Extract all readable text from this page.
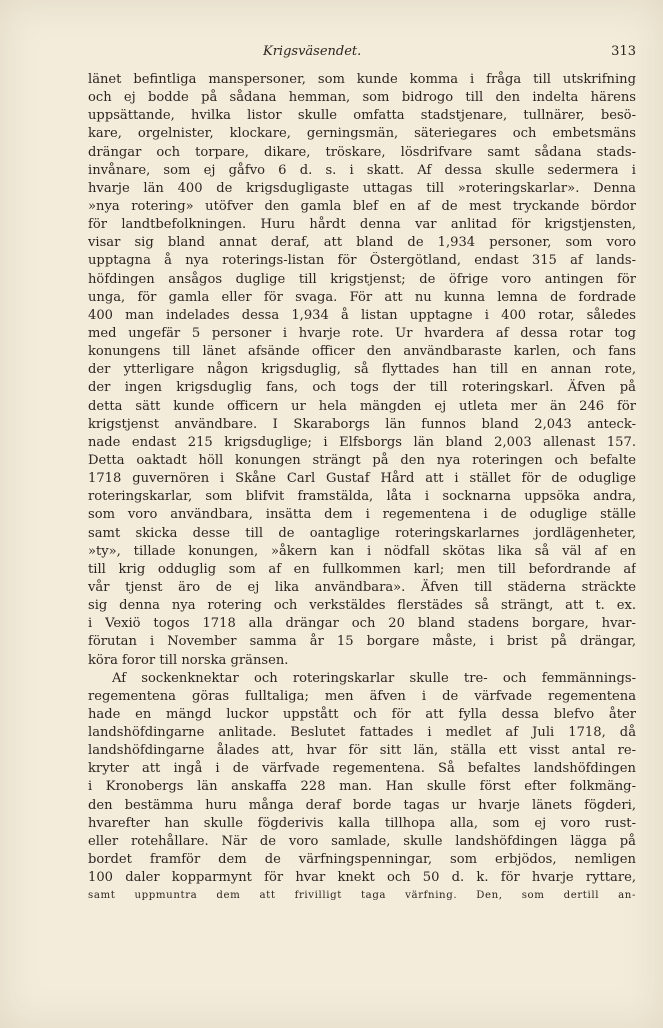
Krigsväsendet.	313
länet befintliga manspersoner, som kunde komma i fråga till utskrifning
och ej bodde på sådana hemman, som bidrogo till den indelta härens
uppsättande, hvilka listor skulle omfatta stadstjenare, tullnärer, besö-
kare, orgelnister, klockare, gerningsmän, säteriegares och embetsmäns
drängar och torpare, dikare, tröskare, lösdrifvare samt sådana stads-
invånare, som ej gåfvo 6 d. s. i skatt. Af dessa skulle sedermera i
hvarje län 400 de krigsdugligaste uttagas till »roteringskarlar». Denna
»nya rotering» utöfver den gamla blef en af de mest tryckande bördor
för landtbefolkningen. Huru hårdt denna var anlitad för krigstjensten,
visar sig bland annat deraf, att bland de 1,934 personer, som voro
upptagna å nya roterings-listan för Östergötland, endast 315 af lands-
höfdingen ansågos duglige till krigstjenst; de öfrige voro antingen för
unga, för gamla eller för svaga. För att nu kunna lemna de fordrade
400 man indelades dessa 1,934 å listan upptagne i 400 rotar, således
med ungefär 5 personer i hvarje rote. Ur hvardera af dessa rotar tog
konungens till länet afsände officer den användbaraste karlen, och fans
der ytterligare någon krigsduglig, så flyttades han till en annan rote,
der ingen krigsduglig fans, och togs der till roteringskarl. Äfven på
detta sätt kunde officern ur hela mängden ej utleta mer än 246 för
krigstjenst användbare. I Skaraborgs län funnos bland 2,043 anteck-
nade endast 215 krigsduglige; i Elfsborgs län bland 2,003 allenast 157.
Detta oaktadt höll konungen strängt på den nya roteringen och befalte
1718 guvernören i Skåne Carl Gustaf Hård att i stället för de oduglige
roteringskarlar, som blifvit framstälda, låta i socknarna uppsöka andra,
som voro användbara, insätta dem i regementena i de oduglige ställe
samt skicka desse till de oantaglige roteringskarlarnes jordlägenheter,
»ty», tillade konungen, »åkern kan i nödfall skötas lika så väl af en
till krig odduglig som af en fullkommen karl; men till befordrande af
vår tjenst äro de ej lika användbara». Äfven till städerna sträckte
sig denna nya rotering och verkstäldes flerstädes så strängt, att t. ex.
i Vexiö togos 1718 alla drängar och 20 bland stadens borgare, hvar-
förutan i November samma år 15 borgare måste, i brist på drängar,
köra foror till norska gränsen.
Af sockenknektar och roteringskarlar skulle tre- och femmännings-
regementena göras fulltaliga; men äfven i de värfvade regementena
hade en mängd luckor uppstått och för att fylla dessa blefvo åter
landshöfdingarne anlitade. Beslutet fattades i medlet af Juli 1718, då
landshöfdingarne ålades att, hvar för sitt län, ställa ett visst antal re-
kryter att ingå i de värfvade regementena. Så befaltes landshöfdingen
i Kronobergs län anskaffa 228 man. Han skulle först efter folkmäng-
den bestämma huru många deraf borde tagas ur hvarje länets fögderi,
hvarefter han skulle fögderivis kalla tillhopa alla, som ej voro rust-
eller rotehållare. När de voro samlade, skulle landshöfdingen lägga på
bordet framför dem de värfningspenningar, som erbjödos, nemligen
100 daler kopparmynt för hvar knekt och 50 d. k. för hvarje ryttare,
samt uppmuntra dem att frivilligt taga värfning. Den, som dertill an-
